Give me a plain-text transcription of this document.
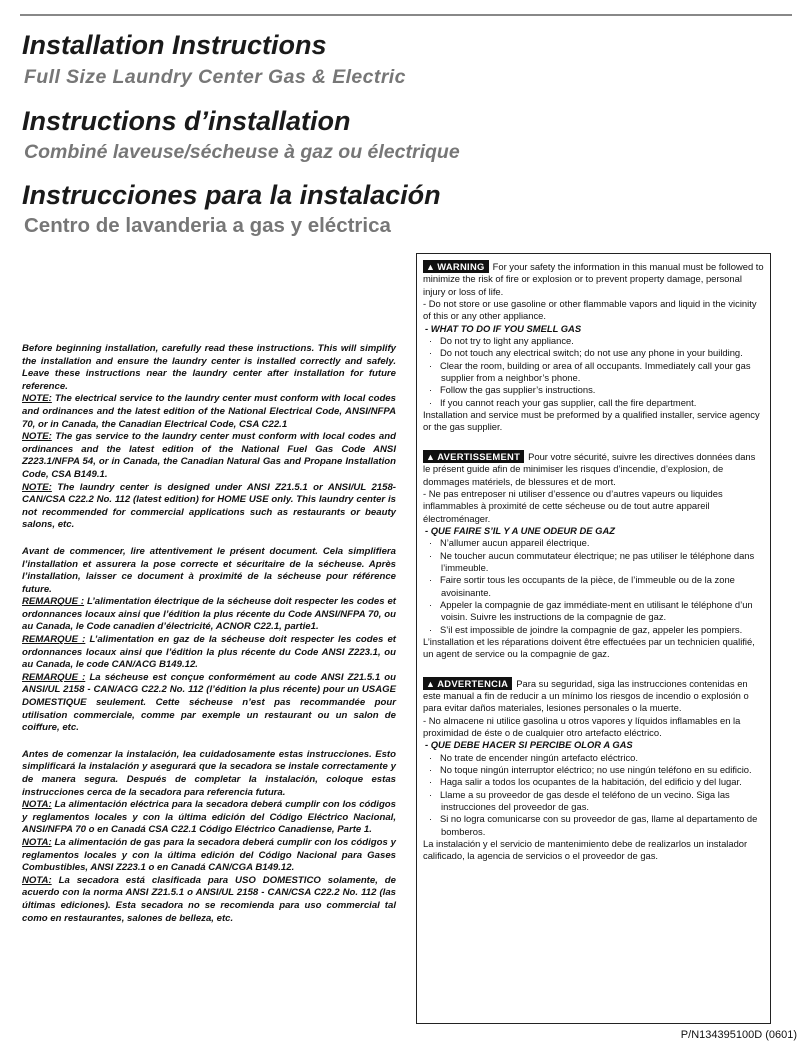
Installation Instructions
Full Size Laundry Center Gas & Electric
Instructions d’installation
Combiné laveuse/sécheuse à gaz ou électrique
Instrucciones para la instalación
Centro de lavanderia a gas y eléctrica

Before beginning installation, carefully read these instructions. This will simplify the installation and ensure the laundry center is installed correctly and safely. Leave these instructions near the laundry center after installation for future reference.
NOTE: The electrical service to the laundry center must conform with local codes and ordinances and the latest edition of the National Electrical Code, ANSI/NFPA 70, or in Canada, the Canadian Electrical Code, CSA C22.1
NOTE: The gas service to the laundry center must conform with local codes and ordinances and the latest edition of the National Fuel Gas Code ANSI Z223.1/NFPA 54, or in Canada, the Canadian Natural Gas and Propane Installation Code, CSA B149.1.
NOTE: The laundry center is designed under ANSI Z21.5.1 or ANSI/UL 2158- CAN/CSA C22.2 No. 112 (latest edition) for HOME USE only. This laundry center is not recommended for commercial applications such as restaurants or beauty salons, etc.

Avant de commencer, lire attentivement le présent document. Cela simplifiera l’installation et assurera la pose correcte et sécuritaire de la sécheuse. Après l’installation, laisser ce document à proximité de la sécheuse pour référence future.
REMARQUE : L’alimentation électrique de la sécheuse doit respecter les codes et ordonnances locaux ainsi que l’édition la plus récente du Code ANSI/NFPA 70, ou au Canada, le Code canadien d’électricité, ACNOR C22.1, partie1.
REMARQUE : L’alimentation en gaz de la sécheuse doit respecter les codes et ordonnances locaux ainsi que l’édition la plus récente du Code ANSI Z223.1, ou au Canada, le code CAN/ACG B149.12.
REMARQUE : La sécheuse est conçue conformément au code ANSI Z21.5.1 ou ANSI/UL 2158 - CAN/ACG C22.2 No. 112 (l’édition la plus récente) pour un USAGE DOMESTIQUE seulement. Cette sécheuse n’est pas recommandée pour utilisation commerciale, comme par exemple un restaurant ou un salon de coiffure, etc.

Antes de comenzar la instalación, lea cuidadosamente estas instrucciones. Esto simplificará la instalación y asegurará que la secadora se instale correctamente y de manera segura. Después de completar la instalación, coloque estas instrucciones cerca de la secadora para referencia futura.
NOTA: La alimentación eléctrica para la secadora deberá cumplir con los códigos y reglamentos locales y con la última edición del Código Eléctrico Nacional, ANSI/NFPA 70 o en Canadá CSA C22.1 Código Eléctrico Canadiense, Parte 1.
NOTA: La alimentación de gas para la secadora deberá cumplir con los códigos y reglamentos locales y con la última edición del Código Nacional para Gases Combustibles, ANSI Z223.1 o en Canadá CAN/CGA B149.12.
NOTA: La secadora está clasificada para USO DOMESTICO solamente, de acuerdo con la norma ANSI Z21.5.1 o ANSI/UL 2158 - CAN/CSA C22.2 No. 112 (las últimas ediciones). Esta secadora no se recomienda para uso commercial tal como en restaurantes, salones de belleza, etc.

▲ WARNING For your safety the information in this manual must be followed to minimize the risk of fire or explosion or to prevent property damage, personal injury or loss of life.

- Do not store or use gasoline or other flammable vapors and liquid in the vicinity of this or any other appliance.

- WHAT TO DO IF YOU SMELL GAS

·   Do not try to light any appliance.

·   Do not touch any electrical switch; do not use any phone in your building.

·   Clear the room, building or area of all occupants. Immediately call your gas supplier from a neighbor’s phone.

·   Follow the gas supplier’s instructions.

·   If you cannot reach your gas supplier, call the fire department.

Installation and service must be preformed by a qualified installer, service agency or the gas supplier.

▲ AVERTISSEMENT Pour votre sécurité, suivre les directives données dans le présent guide afin de minimiser les risques d’incendie, d’explosion, de dommages matériels, de blessures et de mort.

- Ne pas entreposer ni utiliser d’essence ou d’autres vapeurs ou liquides inflammables à proximité de cette sécheuse ou de tout autre appareil électroménager.

- QUE FAIRE S’IL Y A UNE ODEUR DE GAZ

·   N’allumer aucun appareil électrique.

·   Ne toucher aucun commutateur électrique; ne pas utiliser le téléphone dans l’immeuble.

·   Faire sortir tous les occupants de la pièce, de l’immeuble ou de la zone avoisinante.

·   Appeler la compagnie de gaz immédiate-ment en utilisant le téléphone d’un voisin. Suivre les instructions de la compagnie de gaz.

·   S’il est impossible de joindre la compagnie de gaz, appeler les pompiers.

L’installation et les réparations doivent être effectuées par un technicien qualifié, un agent de service ou la compagnie de gaz.

▲ ADVERTENCIA Para su seguridad, siga las instrucciones contenidas en este manual a fin de reducir a un mínimo los riesgos de incendio o explosión o para evitar daños materiales, lesiones personales o la muerte.

- No almacene ni utilice gasolina u otros vapores y líquidos inflamables en la proximidad de éste o de cualquier otro artefacto eléctrico.

- QUE DEBE HACER SI PERCIBE OLOR A GAS

·   No trate de encender ningún artefacto eléctrico.

·   No toque ningún interruptor eléctrico; no use ningún teléfono en su edificio.

·   Haga salir a todos los ocupantes de la habitación, del edificio y del lugar.

·   Llame a su proveedor de gas desde el teléfono de un vecino. Siga las instrucciones del proveedor de gas.

·   Si no logra comunicarse con su proveedor de gas, llame al departamento de bomberos.

La instalación y el servicio de mantenimiento debe de realizarlos un instalador calificado, la agencia de servicios o el proveedor de gas.

P/N134395100D (0601)
